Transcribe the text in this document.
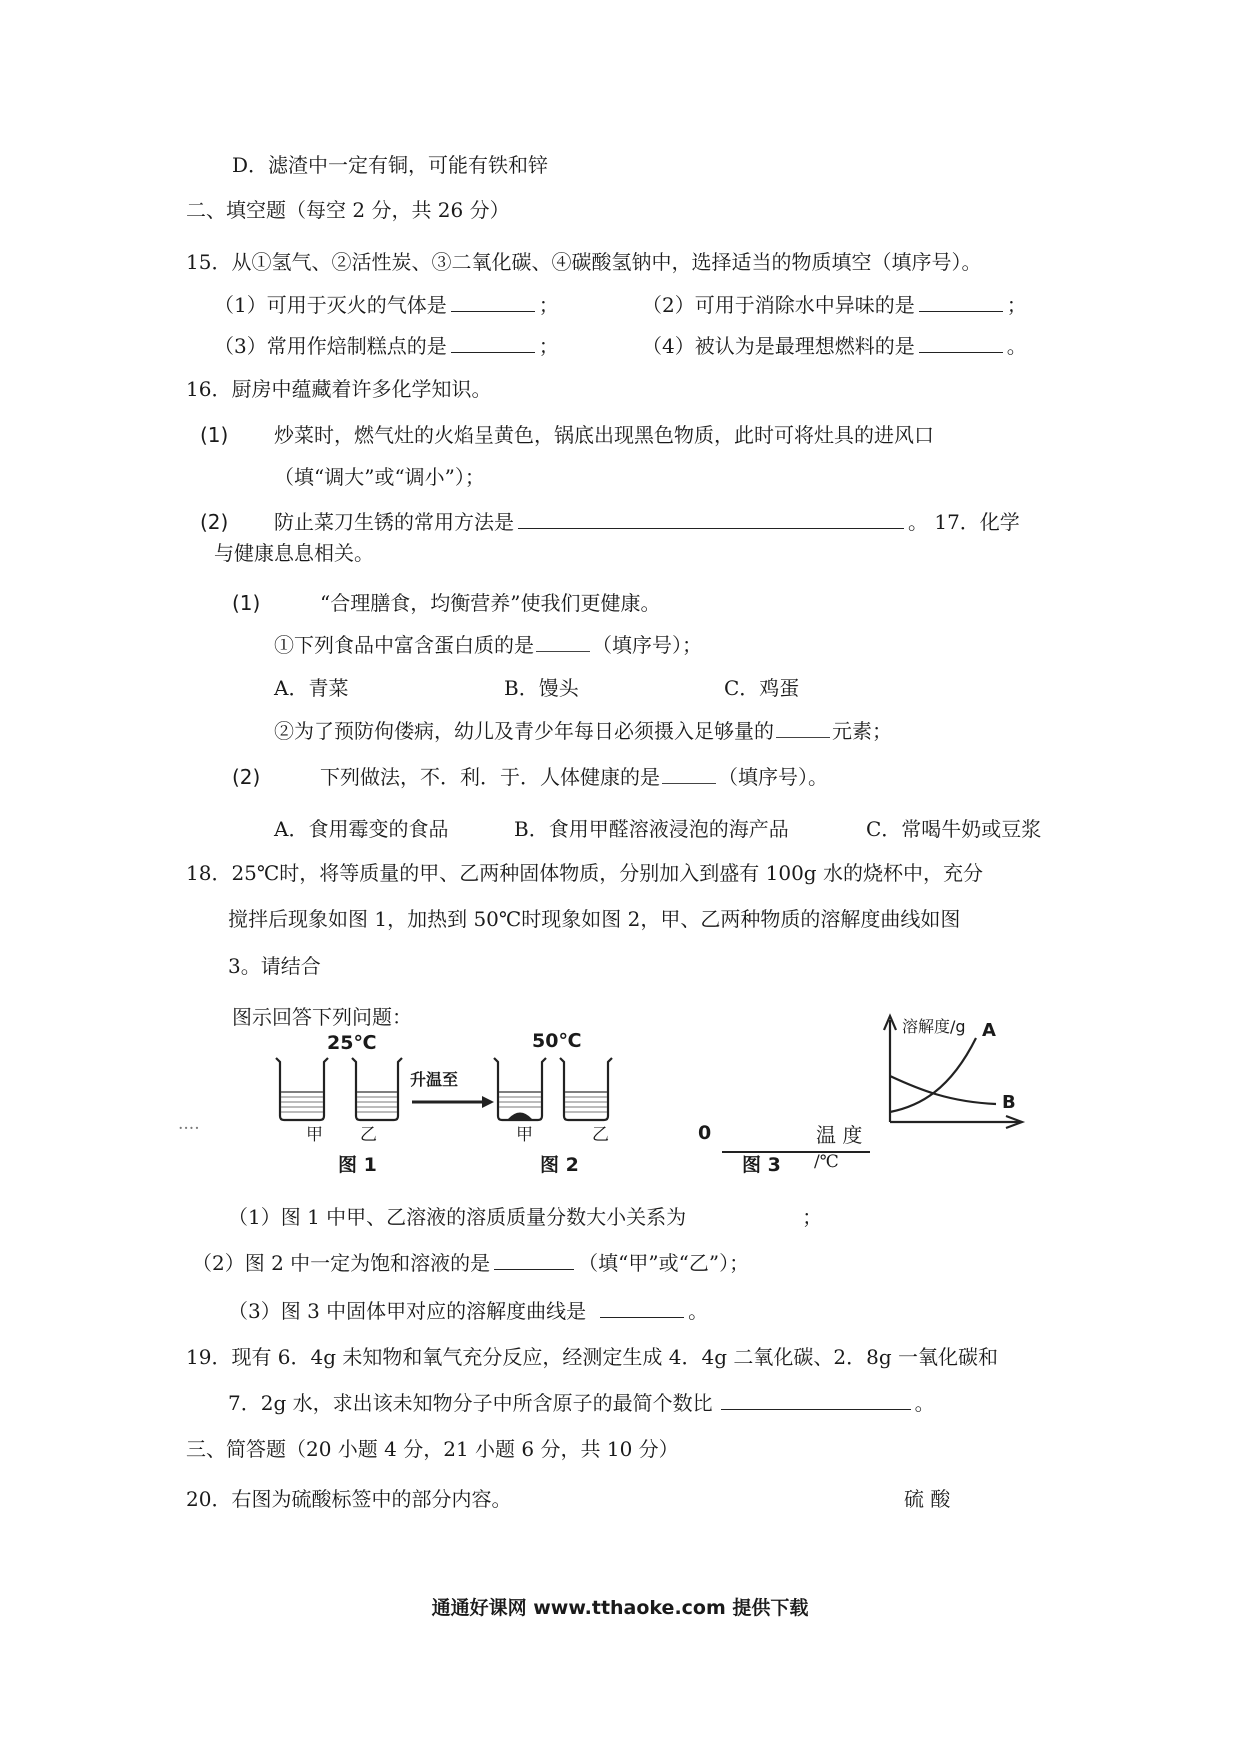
D．滤渣中一定有铜，可能有铁和锌
二、填空题（每空 2 分，共 26 分）
15．从①氢气、②活性炭、③二氧化碳、④碳酸氢钠中，选择适当的物质填空（填序号）。
（1）可用于灭火的气体是	；	（2）可用于消除水中异味的是	；
（3）常用作焙制糕点的是	；	（4）被认为是最理想燃料的是	。
16．厨房中蕴藏着许多化学知识。
(1) 炒菜时，燃气灶的火焰呈黄色，锅底出现黑色物质，此时可将灶具的进风口
（填“调大”或“调小”）；
(2) 防止菜刀生锈的常用方法是	。 17．化学
与健康息息相关。
(1)	“合理膳食，均衡营养”使我们更健康。
①下列食品中富含蛋白质的是	（填序号）；
A．青菜	B．馒头	C．鸡蛋
②为了预防佝偻病，幼儿及青少年每日必须摄入足够量的	元素；
(2)	下列做法，不．利．于．人体健康的是	（填序号）。
A．食用霉变的食品	B．食用甲醛溶液浸泡的海产品	C．常喝牛奶或豆浆
18．25℃时，将等质量的甲、乙两种固体物质，分别加入到盛有 100g 水的烧杯中，充分
搅拌后现象如图 1，加热到 50℃时现象如图 2，甲、乙两种物质的溶解度曲线如图
3。请结合
图示回答下列问题：
25℃	50℃
升温至
....
甲 乙	甲	乙
图 1	图 2
溶解度/g A
B
0	温 度
图 3 /℃
（1）图 1 中甲、乙溶液的溶质质量分数大小关系为	；
（2）图 2 中一定为饱和溶液的是	（填“甲”或“乙”）；
（3）图 3 中固体甲对应的溶解度曲线是	。
19．现有 6．4g 未知物和氧气充分反应，经测定生成 4．4g 二氧化碳、2．8g 一氧化碳和
7．2g 水，求出该未知物分子中所含原子的最简个数比	。
三、简答题（20 小题 4 分，21 小题 6 分，共 10 分）
20．右图为硫酸标签中的部分内容。	硫 酸
通通好课网 www.tthaoke.com 提供下载
